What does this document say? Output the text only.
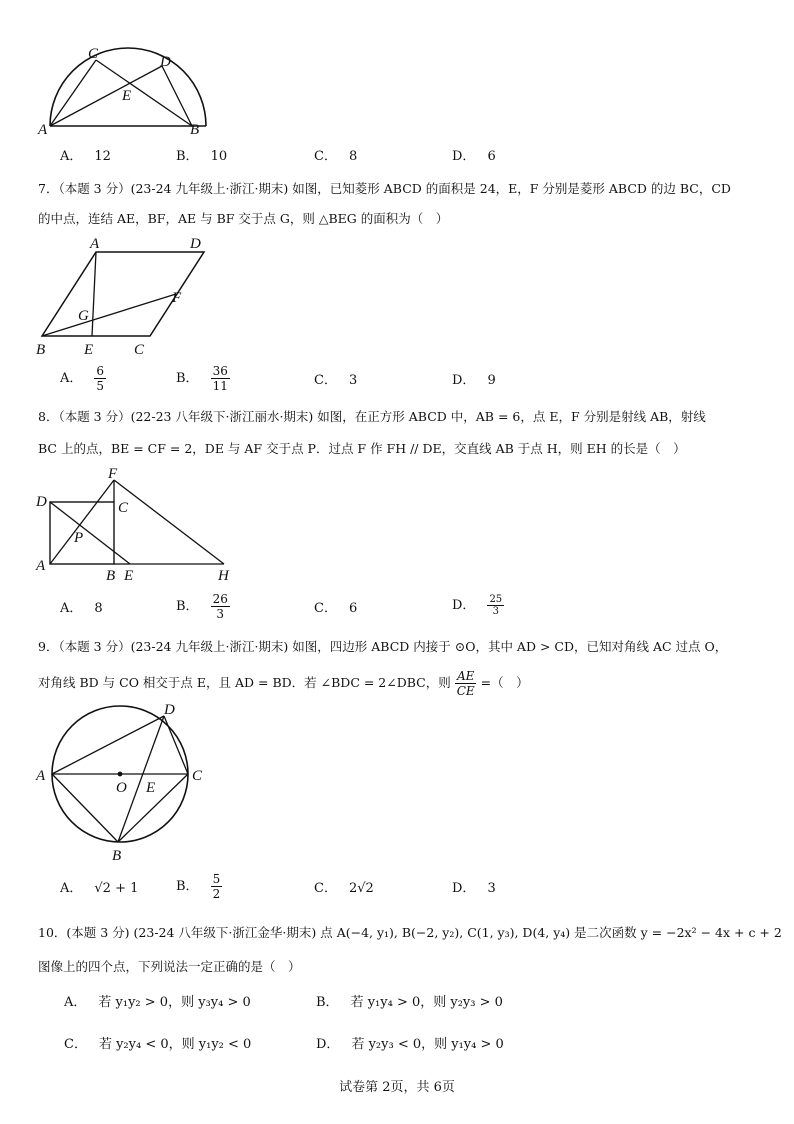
C	D
E
A	B
A． 12	B． 10	C． 8	D． 6
7．（本题 3 分）(23-24 九年级上·浙江·期末) 如图，已知菱形 ABCD 的面积是 24，E，F 分别是菱形 ABCD 的边 BC，CD
的中点，连结 AE，BF，AE 与 BF 交于点 G，则 △BEG 的面积为（　）
A	D
F
G
B	E	C
A． $\frac{6}{5}$	B． $\frac{36}{11}$	C． 3	D． 9
8．（本题 3 分）(22-23 八年级下·浙江丽水·期末) 如图，在正方形 ABCD 中，AB = 6，点 E，F 分别是射线 AB，射线
BC 上的点，BE = CF = 2，DE 与 AF 交于点 P．过点 F 作 FH // DE，交直线 AB 于点 H，则 EH 的长是（　）
F
D	C
P
A
B E	H
A． 8	B． $\frac{26}{3}$	C． 6	D． $\frac{25}{3}$
9．（本题 3 分）(23-24 九年级上·浙江·期末) 如图，四边形 ABCD 内接于 ⊙O，其中 AD > CD，已知对角线 AC 过点 O，
对角线 BD 与 CO 相交于点 E，且 AD = BD．若 ∠BDC = 2∠DBC，则 $\frac{AE}{CE}$ =（　）
D
A	C
O E
B
A． √2 + 1	B． $\frac{5}{2}$	C． 2√2	D． 3
10．(本题 3 分) (23-24 八年级下·浙江金华·期末) 点 A(−4, y₁), B(−2, y₂), C(1, y₃), D(4, y₄) 是二次函数 y = −2x² − 4x + c + 2
图像上的四个点，下列说法一定正确的是（　）
A． 若 y₁y₂ > 0，则 y₃y₄ > 0	B． 若 y₁y₄ > 0，则 y₂y₃ > 0
C． 若 y₂y₄ < 0，则 y₁y₂ < 0	D． 若 y₂y₃ < 0，则 y₁y₄ > 0
试卷第 2页，共 6页
